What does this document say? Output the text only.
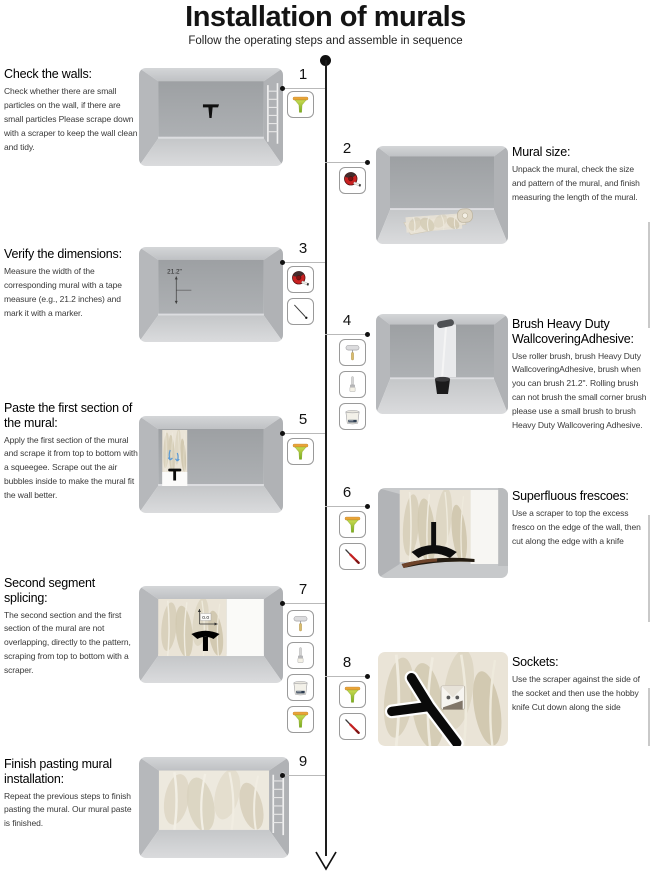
Installation of murals

Follow the operating steps and assemble in sequence

Check the walls:

Check whether there are small particles on the wall, if there are small particles Please scrape down with a scraper to keep the wall clean and tidy.

1
2	Mural size:

Unpack the mural, check the size and pattern of the mural, and finish measuring the length of the mural.

Verify the dimensions:

Measure the width of the corresponding mural with a tape measure (e.g., 21.2 inches) and mark it with a marker.

21.2"
3
4	Brush Heavy Duty WallcoveringAdhesive:

Use roller brush, brush Heavy Duty WallcoveringAdhesive, brush when you can brush 21.2". Rolling brush can not brush the small corner brush please use a small brush to brush Heavy Duty Wallcovering Adhesive.

Paste the first section of the mural:

Apply the first section of the mural and scrape it from top to bottom with a squeegee. Scrape out the air bubbles inside to make the mural fit the wall better.

5
6	Superfluous frescoes:

Use a scraper to top the excess fresco on the edge of the wall, then cut along the edge with a knife

Second segment splicing:

The second section and the first section of the mural are not overlapping, directly to the pattern, scraping from top to bottom with a scraper.

0.0
7
8	Sockets:

Use the scraper against the side of the socket and then use the hobby knife Cut down along the side

Finish pasting mural installation:

Repeat the previous steps to finish pasting the mural. Our mural paste is finished.

9
